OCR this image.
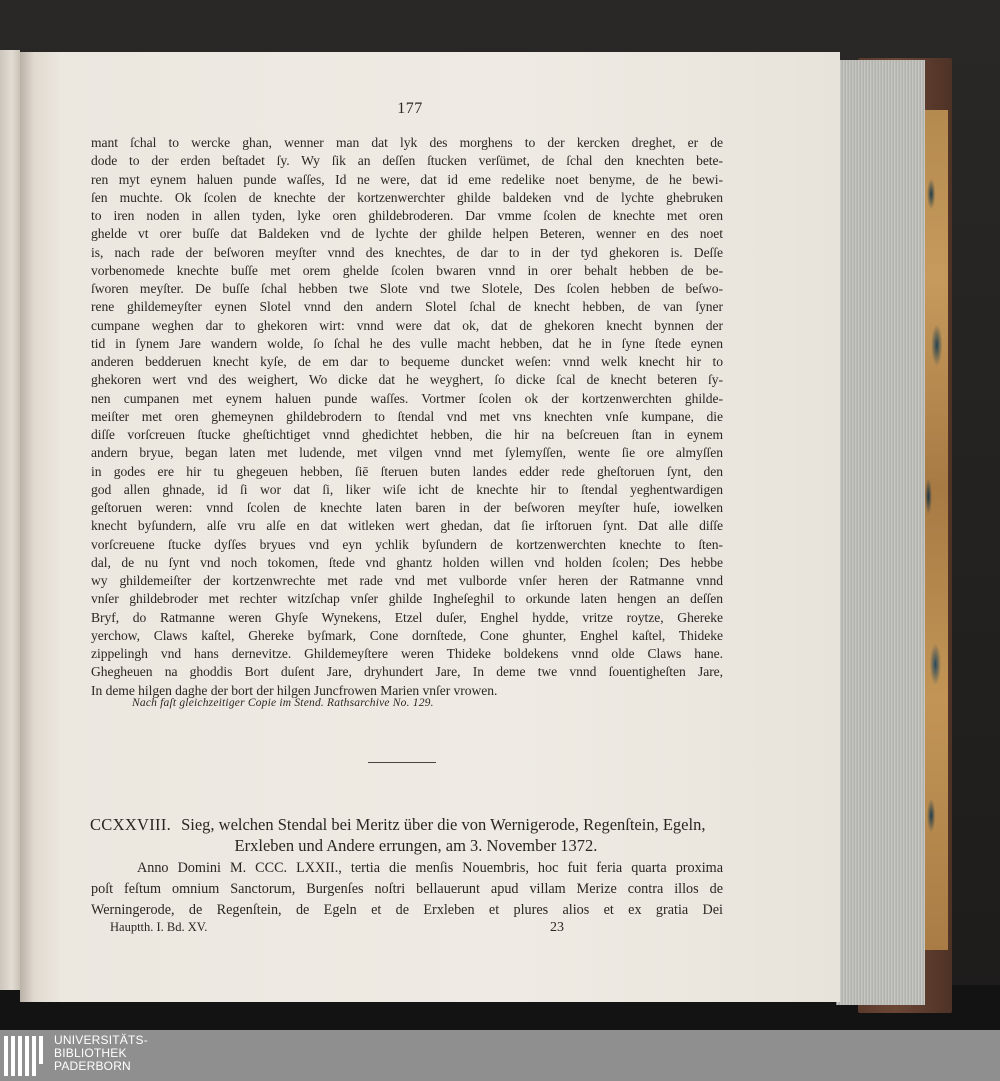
177
mant ſchal to wercke ghan, wenner man dat lyk des morghens to der kercken dreghet, er de
dode to der erden beſtadet ſy. Wy ſik an deſſen ſtucken verſümet, de ſchal den knechten bete-
ren myt eynem haluen punde waſſes, Id ne were, dat id eme redelike noet benyme, de he bewi-
ſen muchte. Ok ſcolen de knechte der kortzenwerchter ghilde baldeken vnd de lychte ghebruken
to iren noden in allen tyden, lyke oren ghildebroderen. Dar vmme ſcolen de knechte met oren
ghelde vt orer buſſe dat Baldeken vnd de lychte der ghilde helpen Beteren, wenner en des noet
is, nach rade der beſworen meyſter vnnd des knechtes, de dar to in der tyd ghekoren is. Deſſe
vorbenomede knechte buſſe met orem ghelde ſcolen bwaren vnnd in orer behalt hebben de be-
ſworen meyſter. De buſſe ſchal hebben twe Slote vnd twe Slotele, Des ſcolen hebben de beſwo-
rene ghildemeyſter eynen Slotel vnnd den andern Slotel ſchal de knecht hebben, de van ſyner
cumpane weghen dar to ghekoren wirt: vnnd were dat ok, dat de ghekoren knecht bynnen der
tid in ſynem Jare wandern wolde, ſo ſchal he des vulle macht hebben, dat he in ſyne ſtede eynen
anderen bedderuen knecht kyſe, de em dar to bequeme duncket weſen: vnnd welk knecht hir to
ghekoren wert vnd des weighert, Wo dicke dat he weyghert, ſo dicke ſcal de knecht beteren ſy-
nen cumpanen met eynem haluen punde waſſes. Vortmer ſcolen ok der kortzenwerchten ghilde-
meiſter met oren ghemeynen ghildebrodern to ſtendal vnd met vns knechten vnſe kumpane, die
diſſe vorſcreuen ſtucke gheſtichtiget vnnd ghedichtet hebben, die hir na beſcreuen ſtan in eynem
andern bryue, began laten met ludende, met vilgen vnnd met ſylemyſſen, wente ſie ore almyſſen
in godes ere hir tu ghegeuen hebben, ſiē ſteruen buten landes edder rede gheſtoruen ſynt, den
god allen ghnade, id ſi wor dat ſi, liker wiſe icht de knechte hir to ſtendal yeghentwardigen
geſtoruen weren: vnnd ſcolen de knechte laten baren in der beſworen meyſter huſe, iowelken
knecht byſundern, alſe vru alſe en dat witleken wert ghedan, dat ſie irſtoruen ſynt. Dat alle diſſe
vorſcreuene ſtucke dyſſes bryues vnd eyn ychlik byſundern de kortzenwerchten knechte to ſten-
dal, de nu ſynt vnd noch tokomen, ſtede vnd ghantz holden willen vnd holden ſcolen; Des hebbe
wy ghildemeiſter der kortzenwrechte met rade vnd met vulborde vnſer heren der Ratmanne vnnd
vnſer ghildebroder met rechter witzſchap vnſer ghilde Ingheſeghil to orkunde laten hengen an deſſen
Bryf, do Ratmanne weren Ghyſe Wynekens, Etzel duſer, Enghel hydde, vritze roytze, Ghereke
yerchow, Claws kaſtel, Ghereke byſmark, Cone dornſtede, Cone ghunter, Enghel kaſtel, Thideke
zippelingh vnd hans dernevitze. Ghildemeyſtere weren Thideke boldekens vnnd olde Claws hane.
Ghegheuen na ghoddis Bort duſent Jare, dryhundert Jare, In deme twe vnnd ſouentigheſten Jare,
In deme hilgen daghe der bort der hilgen Juncfrowen Marien vnſer vrowen.
Nach faſt gleichzeitiger Copie im Stend. Rathsarchive No. 129.
CCXXVIII. Sieg, welchen Stendal bei Meritz über die von Wernigerode, Regenſtein, Egeln,
Erxleben und Andere errungen, am 3. November 1372.
Anno Domini M. CCC. LXXII., tertia die menſis Nouembris, hoc fuit feria quarta proxima
poſt feſtum omnium Sanctorum, Burgenſes noſtri bellauerunt apud villam Merize contra illos de
Werningerode, de Regenſtein, de Egeln et de Erxleben et plures alios et ex gratia Dei
Hauptth. I. Bd. XV.	23
UNIVERSITÄTS-
BIBLIOTHEK
PADERBORN
